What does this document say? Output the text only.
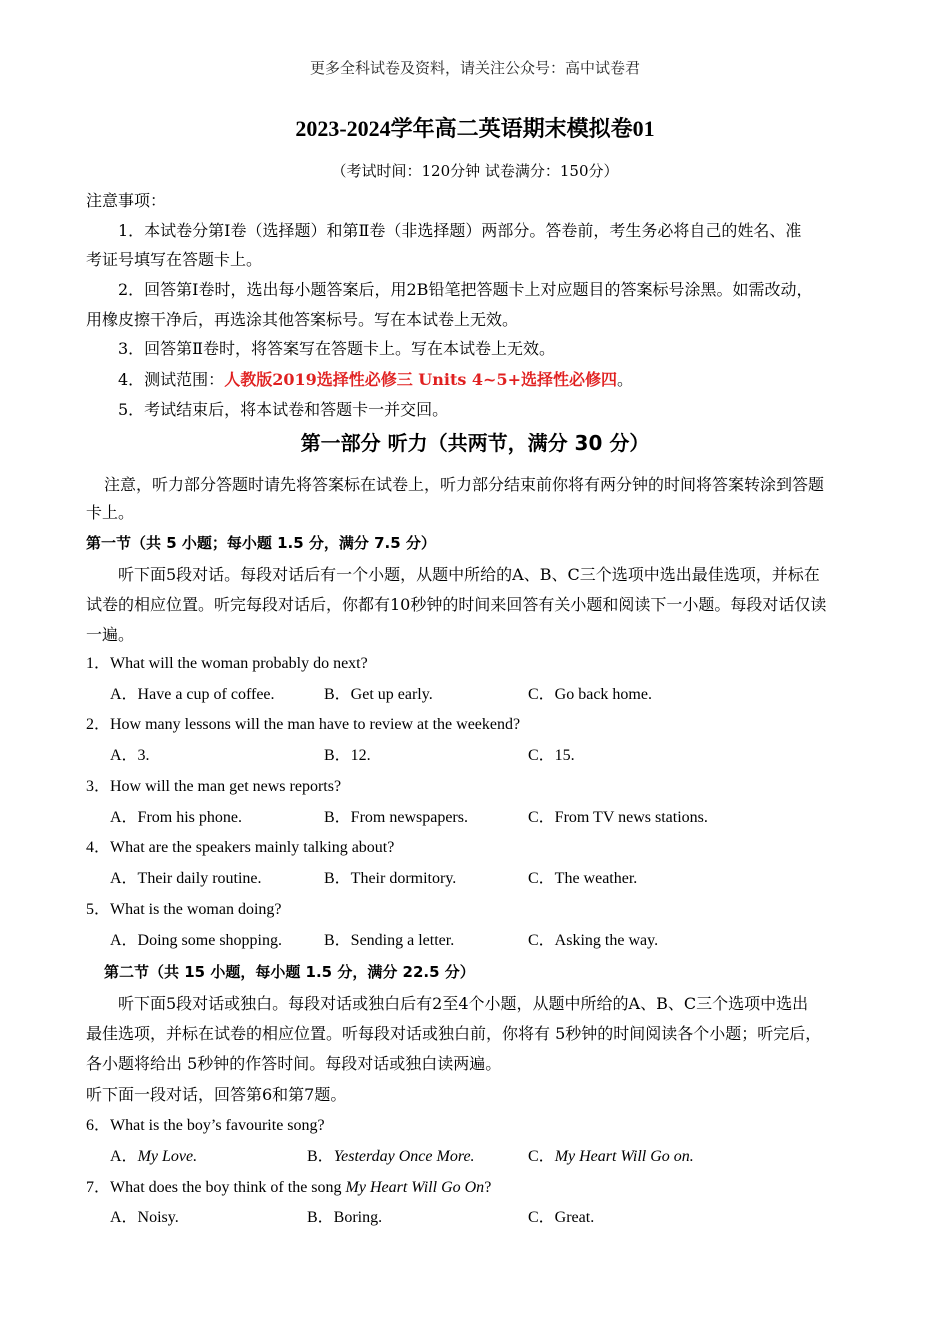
更多全科试卷及资料，请关注公众号：高中试卷君
2023-2024学年高二英语期末模拟卷01
（考试时间：120分钟 试卷满分：150分）
注意事项：
1．本试卷分第Ⅰ卷（选择题）和第Ⅱ卷（非选择题）两部分。答卷前，考生务必将自己的姓名、准
考证号填写在答题卡上。
2．回答第Ⅰ卷时，选出每小题答案后，用2B铅笔把答题卡上对应题目的答案标号涂黑。如需改动，
用橡皮擦干净后，再选涂其他答案标号。写在本试卷上无效。
3．回答第Ⅱ卷时，将答案写在答题卡上。写在本试卷上无效。
4．测试范围：人教版2019选择性必修三 Units 4~5+选择性必修四。
5．考试结束后，将本试卷和答题卡一并交回。
第一部分 听力（共两节，满分 30 分）
注意，听力部分答题时请先将答案标在试卷上，听力部分结束前你将有两分钟的时间将答案转涂到答题
卡上。
第一节（共 5 小题；每小题 1.5 分，满分 7.5 分）
听下面5段对话。每段对话后有一个小题，从题中所给的A、B、C三个选项中选出最佳选项，并标在
试卷的相应位置。听完每段对话后，你都有10秒钟的时间来回答有关小题和阅读下一小题。每段对话仅读
一遍。
1．What will the woman probably do next?
A．Have a cup of coffee.	B．Get up early.	C．Go back home.
2．How many lessons will the man have to review at the weekend?
A．3.	B．12.	C．15.
3．How will the man get news reports?
A．From his phone.	B．From newspapers.	C．From TV news stations.
4．What are the speakers mainly talking about?
A．Their daily routine.	B．Their dormitory.	C．The weather.
5．What is the woman doing?
A．Doing some shopping.	B．Sending a letter.	C．Asking the way.
第二节（共 15 小题，每小题 1.5 分，满分 22.5 分）
听下面5段对话或独白。每段对话或独白后有2至4个小题，从题中所给的A、B、C三个选项中选出
最佳选项，并标在试卷的相应位置。听每段对话或独白前，你将有 5秒钟的时间阅读各个小题；听完后，
各小题将给出 5秒钟的作答时间。每段对话或独白读两遍。
听下面一段对话，回答第6和第7题。
6．What is the boy’s favourite song?
A．My Love.	B．Yesterday Once More.	C．My Heart Will Go on.
7．What does the boy think of the song My Heart Will Go On?
A．Noisy.	B．Boring.	C．Great.
